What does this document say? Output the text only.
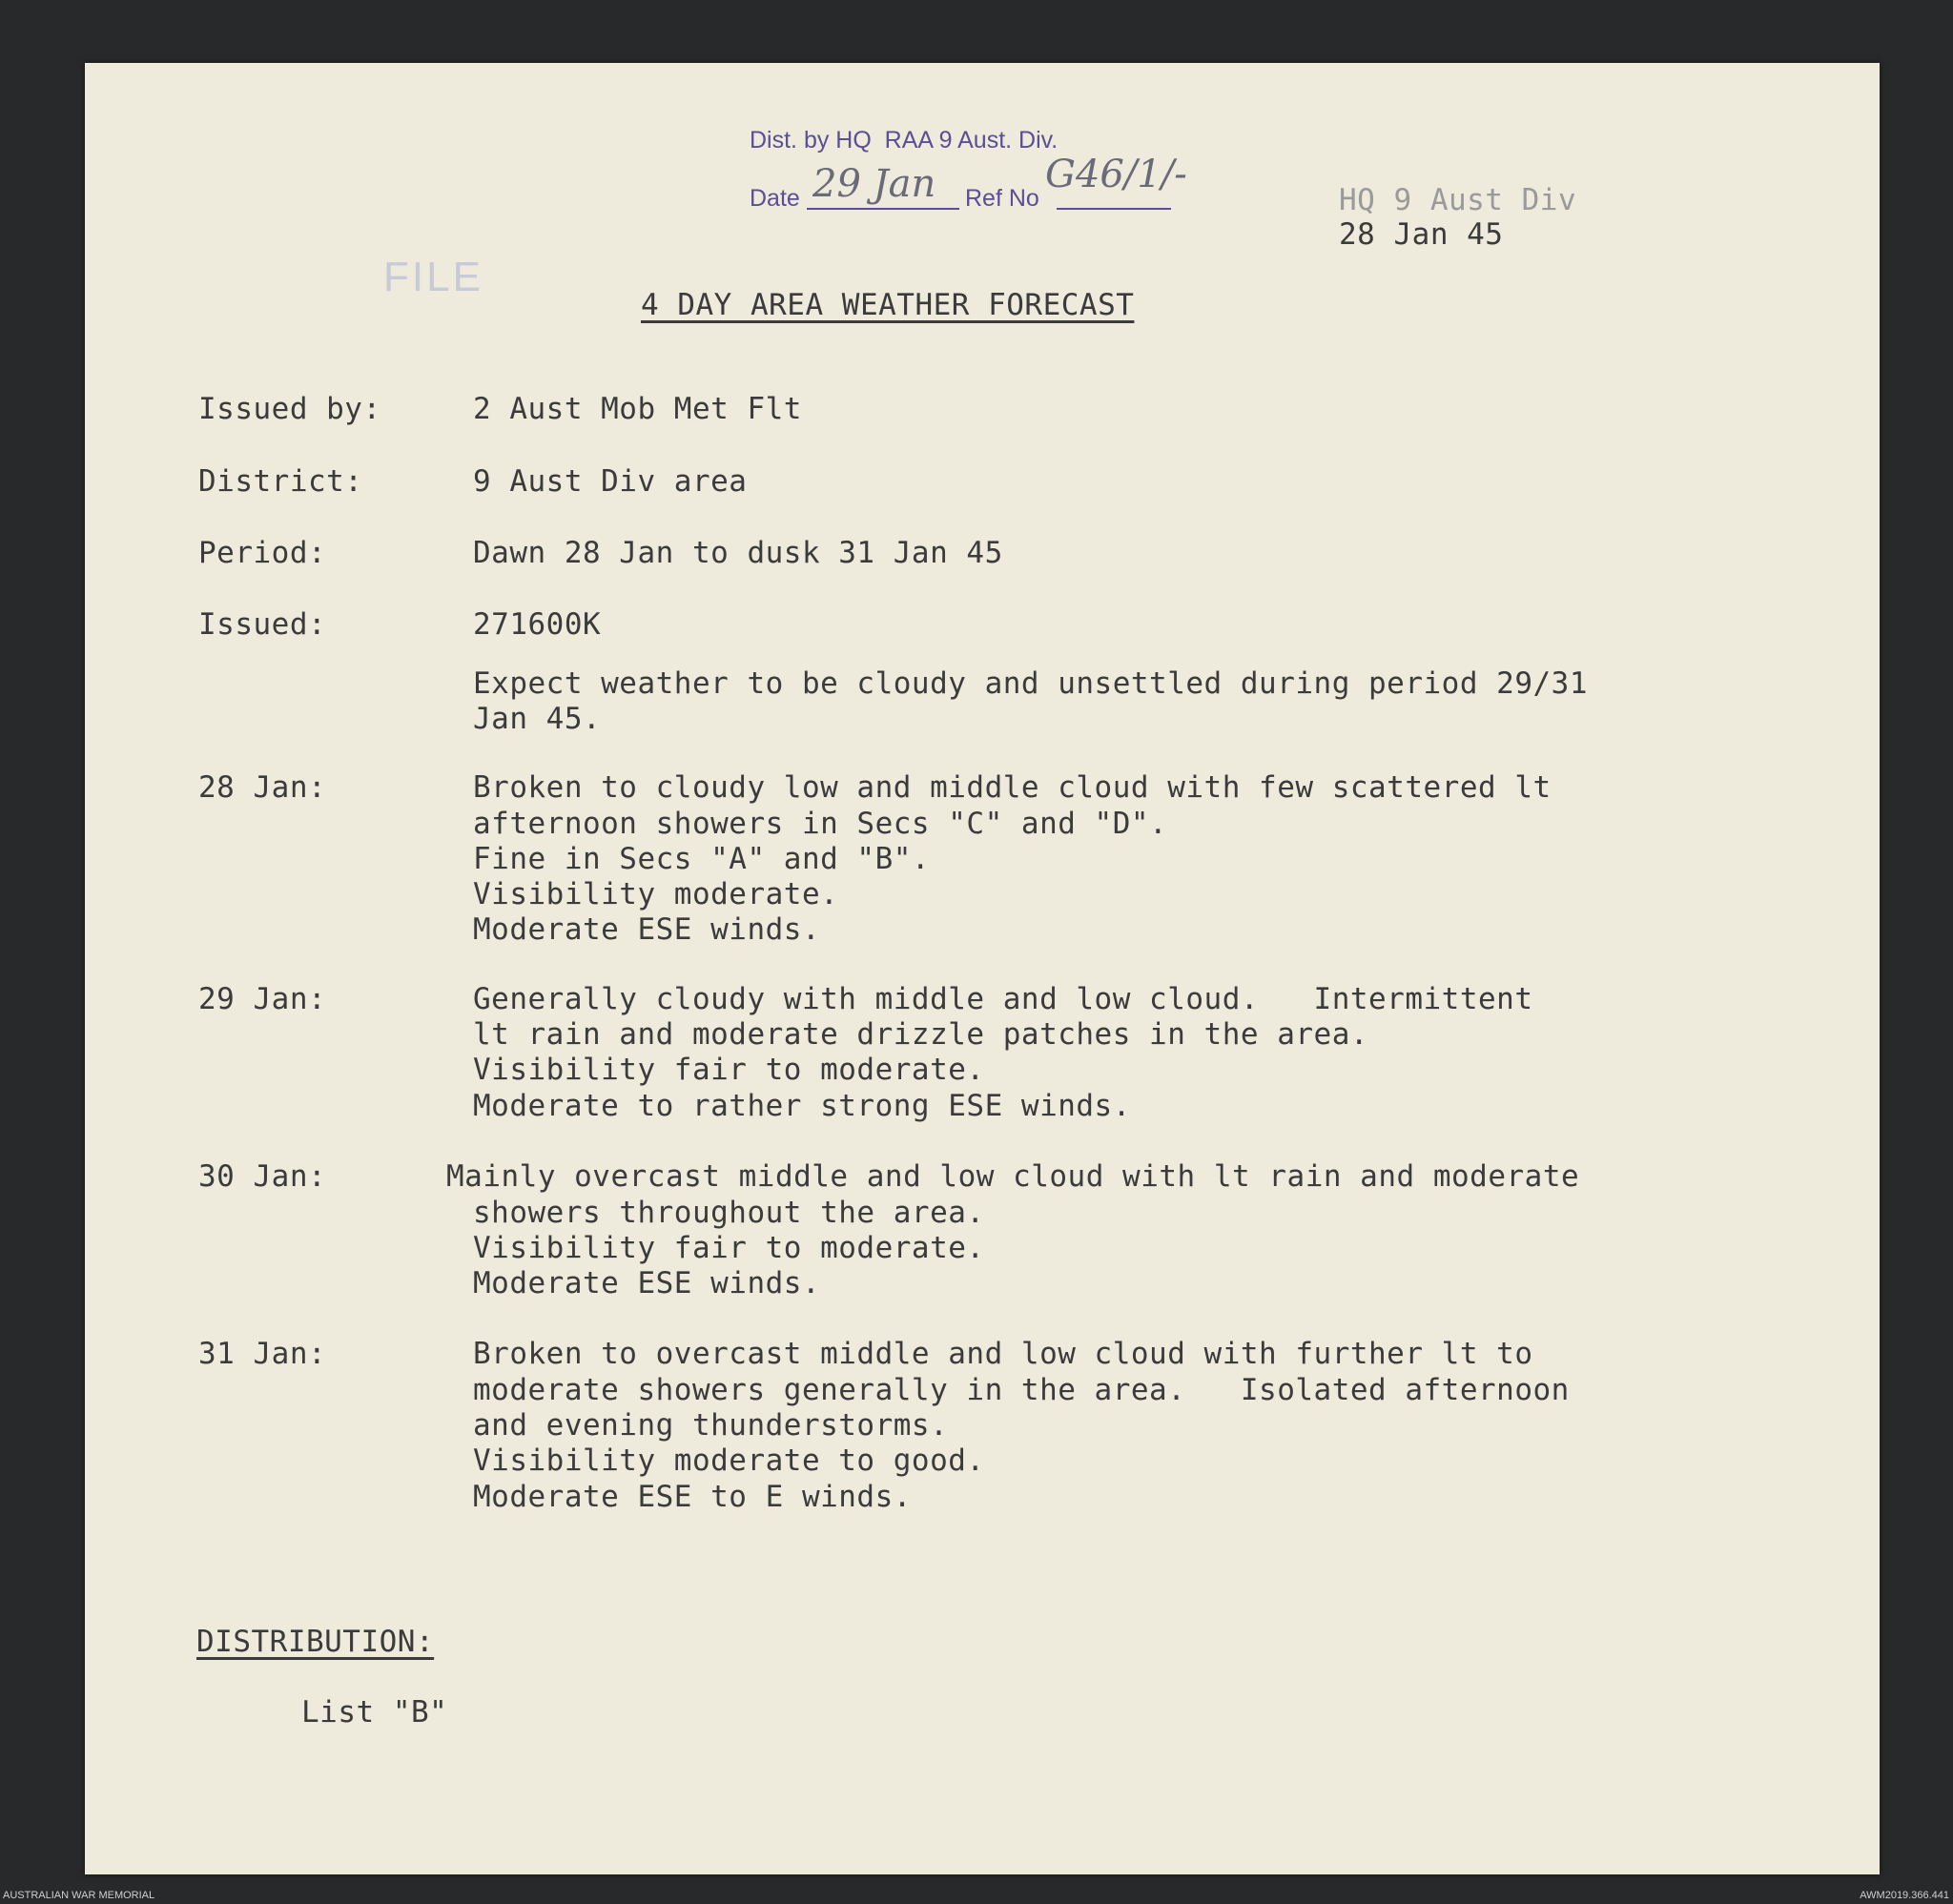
Dist. by HQ  RAA 9 Aust. Div.
Date	Ref No
29 Jan	G46/1/-
HQ 9 Aust Div
28 Jan 45
FILE
4 DAY AREA WEATHER FORECAST
Issued by:	2 Aust Mob Met Flt
District:	9 Aust Div area
Period:	Dawn 28 Jan to dusk 31 Jan 45
Issued:	271600K
Expect weather to be cloudy and unsettled during period 29/31
Jan 45.
28 Jan:	Broken to cloudy low and middle cloud with few scattered lt
afternoon showers in Secs "C" and "D".
Fine in Secs "A" and "B".
Visibility moderate.
Moderate ESE winds.
29 Jan:	Generally cloudy with middle and low cloud.   Intermittent
lt rain and moderate drizzle patches in the area.
Visibility fair to moderate.
Moderate to rather strong ESE winds.
30 Jan:	Mainly overcast middle and low cloud with lt rain and moderate
showers throughout the area.
Visibility fair to moderate.
Moderate ESE winds.
31 Jan:	Broken to overcast middle and low cloud with further lt to
moderate showers generally in the area.   Isolated afternoon
and evening thunderstorms.
Visibility moderate to good.
Moderate ESE to E winds.
DISTRIBUTION:
List "B"
AUSTRALIAN WAR MEMORIAL	AWM2019.366.441
